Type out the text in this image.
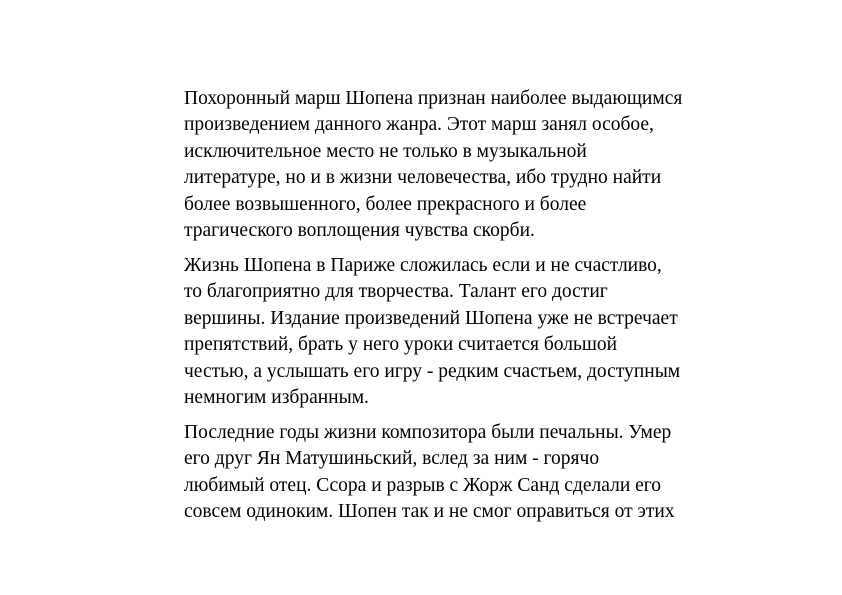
Похоронный марш Шопена признан наиболее выдающимся
произведением данного жанра. Этот марш занял особое,
исключительное место не только в музыкальной
литературе, но и в жизни человечества, ибо трудно найти
более возвышенного, более прекрасного и более
трагического воплощения чувства скорби.

Жизнь Шопена в Париже сложилась если и не счастливо,
то благоприятно для творчества. Талант его достиг
вершины. Издание произведений Шопена уже не встречает
препятствий, брать у него уроки считается большой
честью, а услышать его игру - редким счастьем, доступным
немногим избранным.

Последние годы жизни композитора были печальны. Умер
его друг Ян Матушиньский, вслед за ним - горячо
любимый отец. Ссора и разрыв с Жорж Санд сделали его
совсем одиноким. Шопен так и не смог оправиться от этих
